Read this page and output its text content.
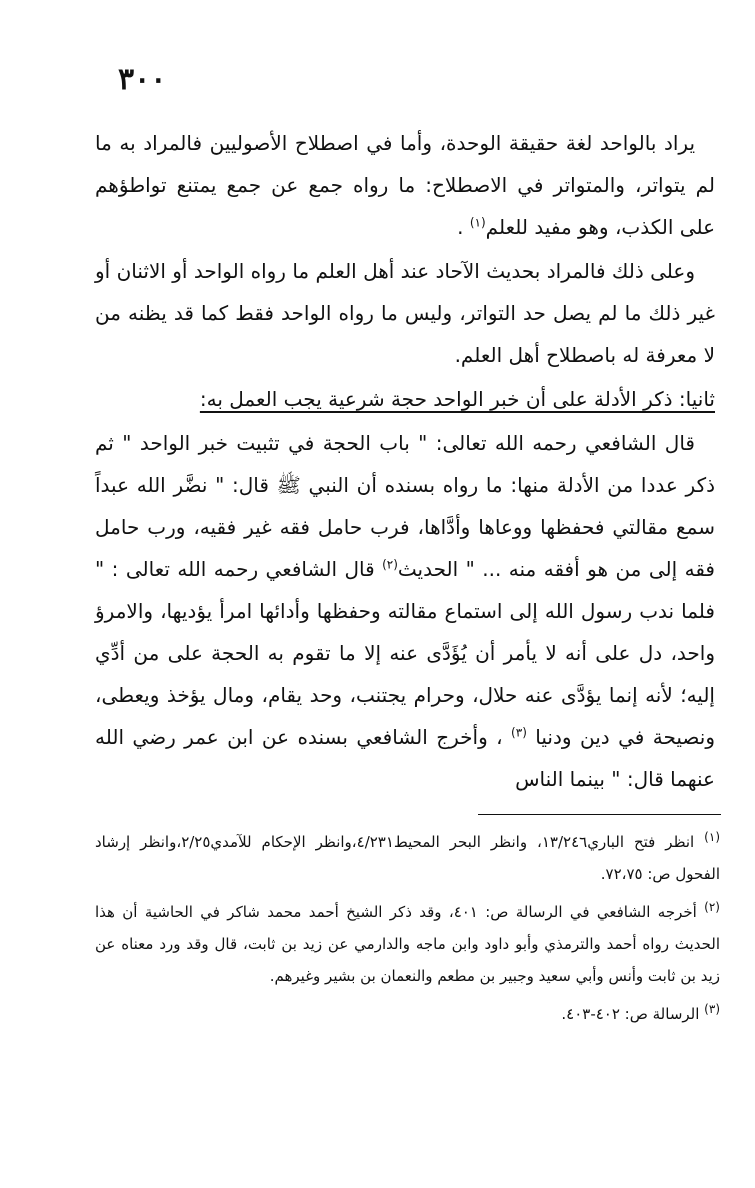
٣٠٠

يراد بالواحد لغة حقيقة الوحدة، وأما في اصطلاح الأصوليين فالمراد به ما لم يتواتر، والمتواتر في الاصطلاح: ما رواه جمع عن جمع يمتنع تواطؤهم على الكذب، وهو مفيد للعلم$^{(١)}$ .

وعلى ذلك فالمراد بحديث الآحاد عند أهل العلم ما رواه الواحد أو الاثنان أو غير ذلك ما لم يصل حد التواتر، وليس ما رواه الواحد فقط كما قد يظنه من لا معرفة له باصطلاح أهل العلم.

ثانيا: ذكر الأدلة على أن خبر الواحد حجة شرعية يجب العمل به:

قال الشافعي رحمه الله تعالى: " باب الحجة في تثبيت خبر الواحد " ثم ذكر عددا من الأدلة منها: ما رواه بسنده أن النبي ﷺ قال: " نضَّر الله عبداً سمع مقالتي فحفظها ووعاها وأدَّاها، فرب حامل فقه غير فقيه، ورب حامل فقه إلى من هو أفقه منه ... " الحديث$^{(٢)}$ قال الشافعي رحمه الله تعالى : " فلما ندب رسول الله إلى استماع مقالته وحفظها وأدائها امرأ يؤديها، والامرؤ واحد، دل على أنه لا يأمر أن يُؤَدَّى عنه إلا ما تقوم به الحجة على من أدِّي إليه؛ لأنه إنما يؤدَّى عنه حلال، وحرام يجتنب، وحد يقام، ومال يؤخذ ويعطى، ونصيحة في دين ودنيا $^{(٣)}$ ، وأخرج الشافعي بسنده عن ابن عمر رضي الله عنهما قال: " بينما الناس

$^{(١)}$ انظر فتح الباري١٣/٢٤٦، وانظر البحر المحيط٤/٢٣١،وانظر الإحكام للآمدي٢/٢٥،وانظر إرشاد الفحول ص: ٧٢،٧٥.

$^{(٢)}$ أخرجه الشافعي في الرسالة ص: ٤٠١، وقد ذكر الشيخ أحمد محمد شاكر في الحاشية أن هذا الحديث رواه أحمد والترمذي وأبو داود وابن ماجه والدارمي عن زيد بن ثابت، قال وقد ورد معناه عن زيد بن ثابت وأنس وأبي سعيد وجبير بن مطعم والنعمان بن بشير وغيرهم.

$^{(٣)}$ الرسالة ص: ٤٠٢-٤٠٣.
